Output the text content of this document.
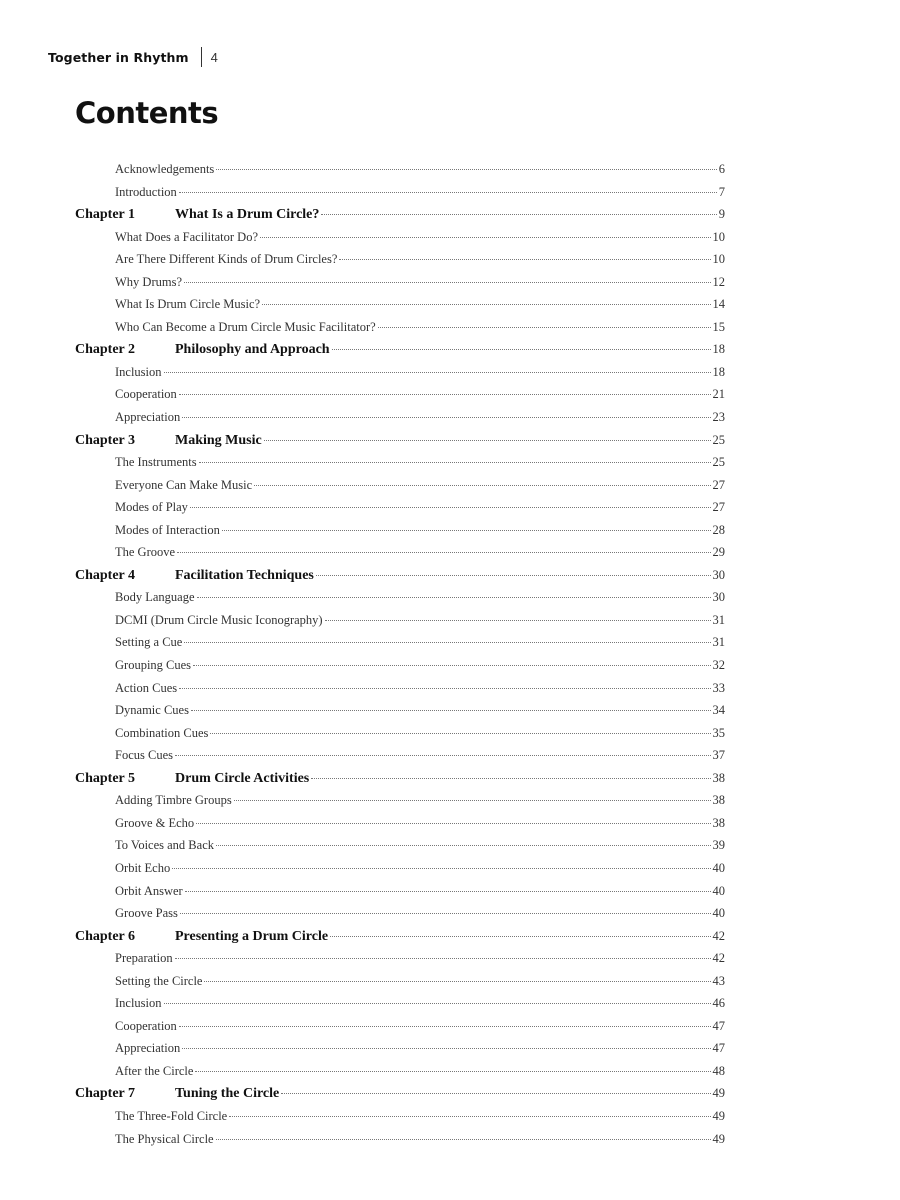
Together in Rhythm 4
Contents
Acknowledgements	6
Introduction	7
Chapter 1	What Is a Drum Circle?	9
What Does a Facilitator Do?	10
Are There Different Kinds of Drum Circles?	10
Why Drums?	12
What Is Drum Circle Music?	14
Who Can Become a Drum Circle Music Facilitator?	15
Chapter 2	Philosophy and Approach	18
Inclusion	18
Cooperation	21
Appreciation	23
Chapter 3	Making Music	25
The Instruments	25
Everyone Can Make Music	27
Modes of Play	27
Modes of Interaction	28
The Groove	29
Chapter 4	Facilitation Techniques	30
Body Language	30
DCMI (Drum Circle Music Iconography)	31
Setting a Cue	31
Grouping Cues	32
Action Cues	33
Dynamic Cues	34
Combination Cues	35
Focus Cues	37
Chapter 5	Drum Circle Activities	38
Adding Timbre Groups	38
Groove & Echo	38
To Voices and Back	39
Orbit Echo	40
Orbit Answer	40
Groove Pass	40
Chapter 6	Presenting a Drum Circle	42
Preparation	42
Setting the Circle	43
Inclusion	46
Cooperation	47
Appreciation	47
After the Circle	48
Chapter 7	Tuning the Circle	49
The Three-Fold Circle	49
The Physical Circle	49
